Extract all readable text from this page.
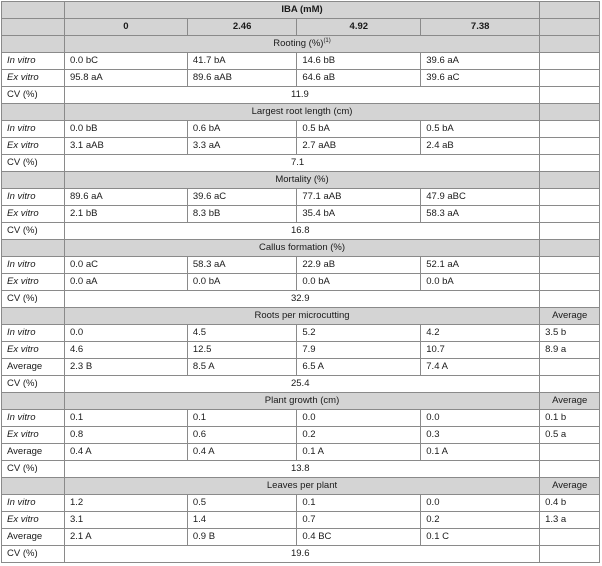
	IBA (mM)				
	0	2.46	4.92	7.38	
	Rooting (%)$^{(1)}$	
In vitro	0.0 bC	41.7 bA	14.6 bB	39.6 aA	
Ex vitro	95.8 aA	89.6 aAB	64.6 aB	39.6 aC	
CV (%)	11.9				
	Largest root length (cm)				
In vitro	0.0 bB	0.6 bA	0.5 bA	0.5 bA	
Ex vitro	3.1 aAB	3.3 aA	2.7 aAB	2.4 aB	
CV (%)	7.1				
	Mortality (%)				
In vitro	89.6 aA	39.6 aC	77.1 aAB	47.9 aBC	
Ex vitro	2.1 bB	8.3 bB	35.4 bA	58.3 aA	
CV (%)	16.8				
	Callus formation (%)				
In vitro	0.0 aC	58.3 aA	22.9 aB	52.1 aA	
Ex vitro	0.0 aA	0.0 bA	0.0 bA	0.0 bA	
CV (%)	32.9				
	Roots per microcutting				Average
In vitro	0.0	4.5	5.2	4.2	3.5 b
Ex vitro	4.6	12.5	7.9	10.7	8.9 a
Average	2.3 B	8.5 A	6.5 A	7.4 A	
CV (%)	25.4				
	Plant growth (cm)				Average
In vitro	0.1	0.1	0.0	0.0	0.1 b
Ex vitro	0.8	0.6	0.2	0.3	0.5 a
Average	0.4 A	0.4 A	0.1 A	0.1 A	
CV (%)	13.8				
	Leaves per plant				Average
In vitro	1.2	0.5	0.1	0.0	0.4 b
Ex vitro	3.1	1.4	0.7	0.2	1.3 a
Average	2.1 A	0.9 B	0.4 BC	0.1 C	
CV (%)	19.6				
